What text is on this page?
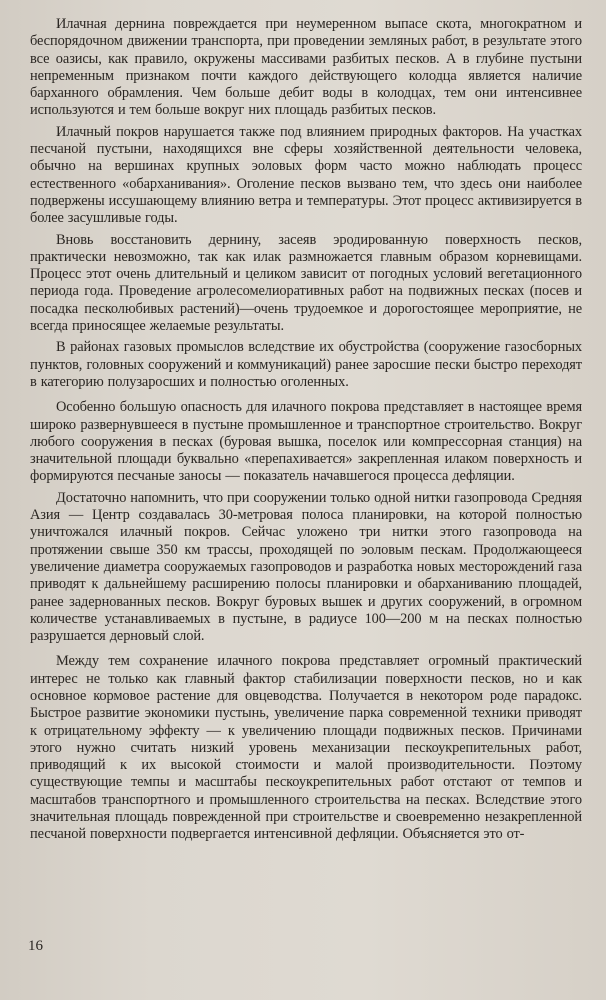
Илачная дернина повреждается при неумеренном выпасе скота, многократном и беспорядочном движении транспорта, при проведении земляных работ, в результате этого все оазисы, как правило, окружены массивами разбитых песков. А в глубине пустыни непременным признаком почти каждого действующего колодца является наличие барханного обрамления. Чем больше дебит воды в колодцах, тем они интенсивнее используются и тем больше вокруг них площадь разбитых песков.

Илачный покров нарушается также под влиянием природных факторов. На участках песчаной пустыни, находящихся вне сферы хозяйственной деятельности человека, обычно на вершинах крупных эоловых форм часто можно наблюдать процесс естественного «обарханивания». Оголение песков вызвано тем, что здесь они наиболее подвержены иссушающему влиянию ветра и температуры. Этот процесс активизируется в более засушливые годы.

Вновь восстановить дернину, засеяв эродированную поверхность песков, практически невозможно, так как илак размножается главным образом корневищами. Процесс этот очень длительный и целиком зависит от погодных условий вегетационного периода года. Проведение агролесомелиоративных работ на подвижных песках (посев и посадка песколюбивых растений)—очень трудоемкое и дорогостоящее мероприятие, не всегда приносящее желаемые результаты.

В районах газовых промыслов вследствие их обустройства (сооружение газосборных пунктов, головных сооружений и коммуникаций) ранее заросшие пески быстро переходят в категорию полузаросших и полностью оголенных.

Особенно большую опасность для илачного покрова представляет в настоящее время широко развернувшееся в пустыне промышленное и транспортное строительство. Вокруг любого сооружения в песках (буровая вышка, поселок или компрессорная станция) на значительной площади буквально «перепахивается» закрепленная илаком поверхность и формируются песчаные заносы — показатель начавшегося процесса дефляции.

Достаточно напомнить, что при сооружении только одной нитки газопровода Средняя Азия — Центр создавалась 30-метровая полоса планировки, на которой полностью уничтожался илачный покров. Сейчас уложено три нитки этого газопровода на протяжении свыше 350 км трассы, проходящей по эоловым пескам. Продолжающееся увеличение диаметра сооружаемых газопроводов и разработка новых месторождений газа приводят к дальнейшему расширению полосы планировки и обарханиванию площадей, ранее задернованных песков. Вокруг буровых вышек и других сооружений, в огромном количестве устанавливаемых в пустыне, в радиусе 100—200 м на песках полностью разрушается дерновый слой.

Между тем сохранение илачного покрова представляет огромный практический интерес не только как главный фактор стабилизации поверхности песков, но и как основное кормовое растение для овцеводства. Получается в некотором роде парадокс. Быстрое развитие экономики пустынь, увеличение парка современной техники приводят к отрицательному эффекту — к увеличению площади подвижных песков. Причинами этого нужно считать низкий уровень механизации пескоукрепительных работ, приводящий к их высокой стоимости и малой производительности. Поэтому существующие темпы и масштабы пескоукрепительных работ отстают от темпов и масштабов транспортного и промышленного строительства на песках. Вследствие этого значительная площадь поврежденной при строительстве и своевременно незакрепленной песчаной поверхности подвергается интенсивной дефляции. Объясняется это от-

16
